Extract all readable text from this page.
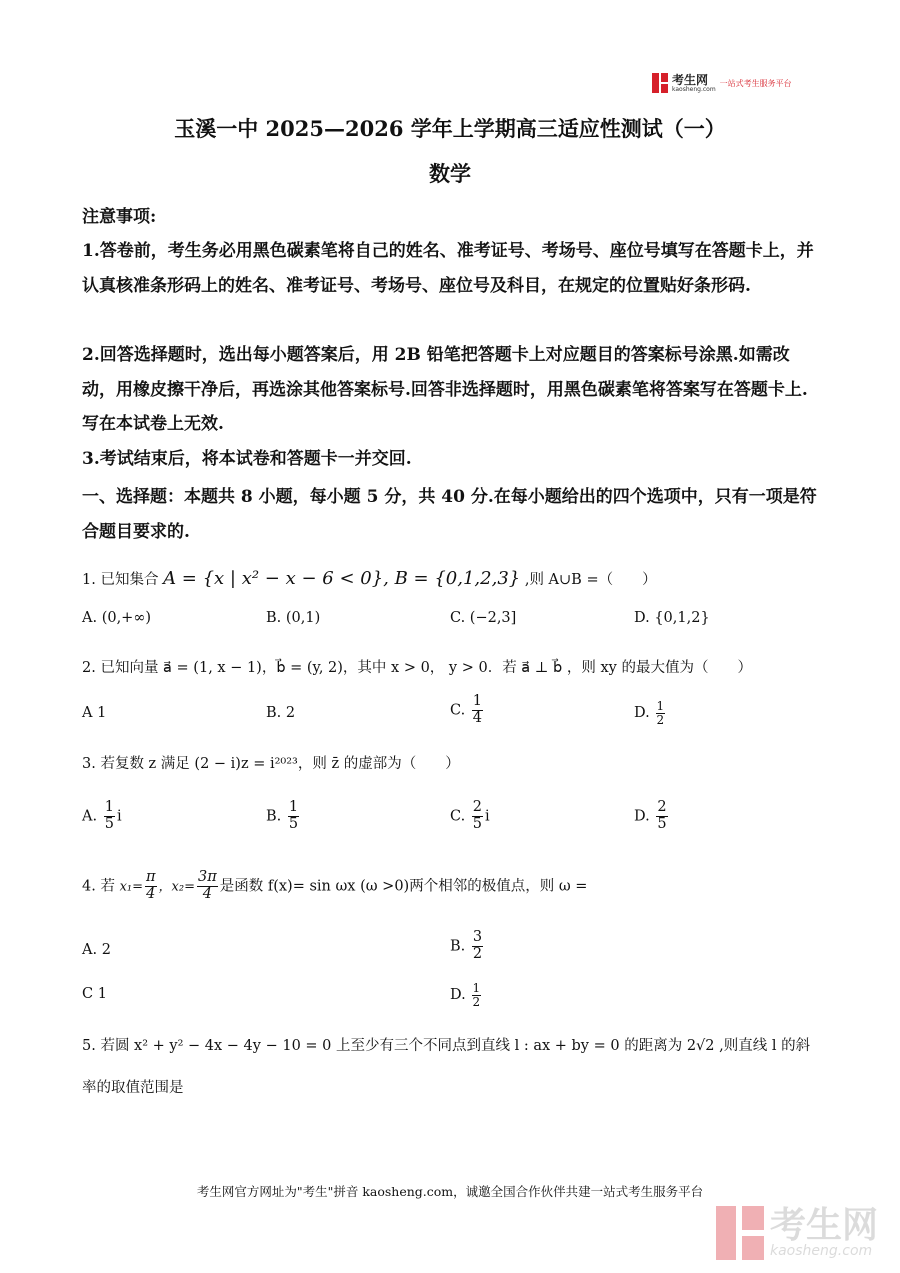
考生网
kaosheng.com
一站式考生服务平台
玉溪一中 2025—2026 学年上学期高三适应性测试（一）
数学
注意事项:
1.答卷前，考生务必用黑色碳素笔将自己的姓名、准考证号、考场号、座位号填写在答题卡上，并认真核准条形码上的姓名、准考证号、考场号、座位号及科目，在规定的位置贴好条形码.
2.回答选择题时，选出每小题答案后，用 2B 铅笔把答题卡上对应题目的答案标号涂黑.如需改动，用橡皮擦干净后，再选涂其他答案标号.回答非选择题时，用黑色碳素笔将答案写在答题卡上.写在本试卷上无效.
3.考试结束后，将本试卷和答题卡一并交回.
一、选择题：本题共 8 小题，每小题 5 分，共 40 分.在每小题给出的四个选项中，只有一项是符合题目要求的.
1. 已知集合 A = {x | x² − x − 6 < 0}, B = {0,1,2,3} ,则 A∪B =（　　）
A. (0,+∞)	B. (0,1)	C. (−2,3]	D. {0,1,2}
2. 已知向量 a⃗ = (1, x − 1)，b⃗ = (y, 2)，其中 x > 0， y > 0．若 a⃗ ⊥ b⃗ ，则 xy 的最大值为（　　）
A 1	B. 2	C. $\frac{1}{4}$	D. $\frac{1}{2}$
3. 若复数 z 满足 (2 − i)z = i²⁰²³，则 z̄ 的虚部为（　　）
A. $\frac{1}{5}$ i	B. $\frac{1}{5}$	C. $\frac{2}{5}$ i	D. $\frac{2}{5}$
4. 若 $x_1= \frac{\pi}{4}$ ，$x_2= \frac{3\pi}{4}$ 是函数 f(x)= sin ωx (ω >0)两个相邻的极值点，则 ω =
A. 2	B. $\frac{3}{2}$
C 1	D. $\frac{1}{2}$
5. 若圆 x² + y² − 4x − 4y − 10 = 0 上至少有三个不同点到直线 l : ax + by = 0 的距离为 2√2 ,则直线 l 的斜
率的取值范围是
考生网官方网址为"考生"拼音 kaosheng.com，诚邀全国合作伙伴共建一站式考生服务平台
考生网
kaosheng.com
